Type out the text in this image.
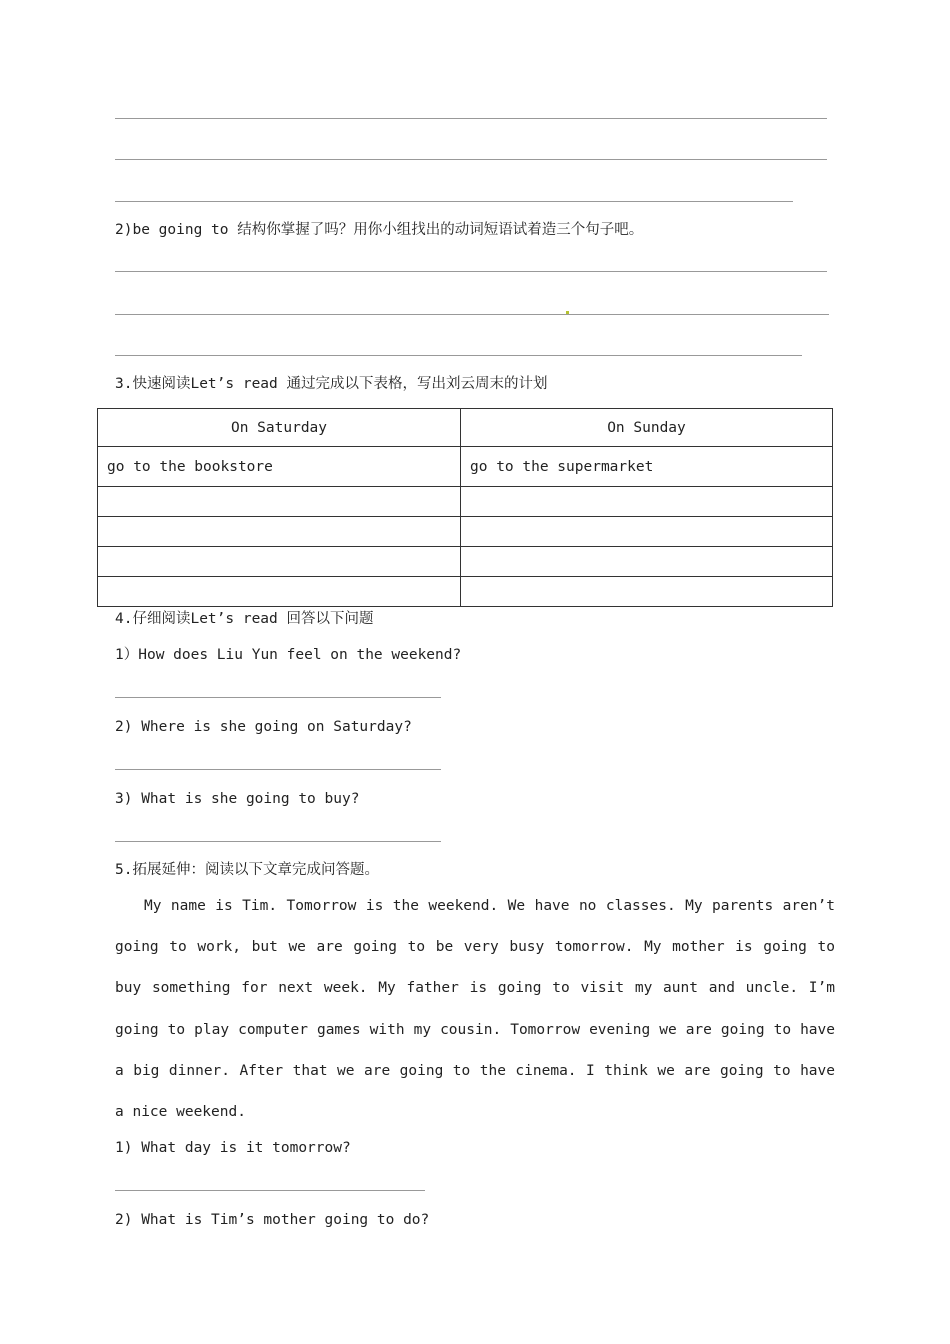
2)be going to 结构你掌握了吗？用你小组找出的动词短语试着造三个句子吧。
3.快速阅读Let’s read 通过完成以下表格，写出刘云周末的计划
On Saturday	On Sunday
go to the bookstore	go to the supermarket

4.仔细阅读Let’s read 回答以下问题
1）How does Liu Yun feel on the weekend?
2) Where is she going on Saturday?
3) What is she going to buy?
5.拓展延伸：阅读以下文章完成问答题。

My name is Tim. Tomorrow is the weekend. We have no classes. My parents aren’t going to work, but we are going to be very busy tomorrow. My mother is going to buy something for next week. My father is going to visit my aunt and uncle. I’m going to play computer games with my cousin. Tomorrow evening we are going to have a big dinner. After that we are going to the cinema. I think we are going to have a nice weekend.

1) What day is it tomorrow?
2) What is Tim’s mother going to do?
